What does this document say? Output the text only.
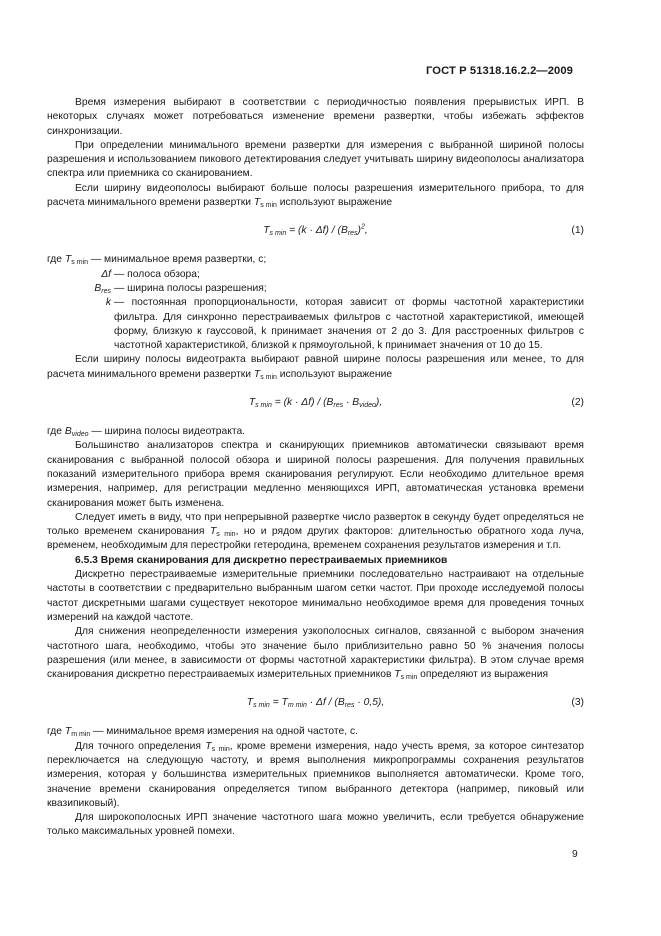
ГОСТ Р 51318.16.2.2—2009

Время измерения выбирают в соответствии с периодичностью появления прерывистых ИРП. В некоторых случаях может потребоваться изменение времени развертки, чтобы избежать эффектов синхронизации.

При определении минимального времени развертки для измерения с выбранной шириной полосы разрешения и использованием пикового детектирования следует учитывать ширину видеополосы анализатора спектра или приемника со сканированием.

Если ширину видеополосы выбирают больше полосы разрешения измерительного прибора, то для расчета минимального времени развертки $T_{s min}$ используют выражение

$T_{s min} = (k \cdot \Delta f) / (B_{res})^2$,	(1)
где $T_{s min}$ — минимальное время развертки, с;
Δf — полоса обзора;
$B_{res}$ — ширина полосы разрешения;
k — постоянная пропорциональности, которая зависит от формы частотной характеристики фильтра. Для синхронно перестраиваемых фильтров с частотной характеристикой, имеющей форму, близкую к гауссовой, k принимает значения от 2 до 3. Для расстроенных фильтров с частотной характеристикой, близкой к прямоугольной, k принимает значения от 10 до 15.

Если ширину полосы видеотракта выбирают равной ширине полосы разрешения или менее, то для расчета минимального времени развертки $T_{s min}$ используют выражение

$T_{s min} = (k \cdot \Delta f) / (B_{res} \cdot B_{video})$,	(2)

где $B_{video}$ — ширина полосы видеотракта.

Большинство анализаторов спектра и сканирующих приемников автоматически связывают время сканирования с выбранной полосой обзора и шириной полосы разрешения. Для получения правильных показаний измерительного прибора время сканирования регулируют. Если необходимо длительное время измерения, например, для регистрации медленно меняющихся ИРП, автоматическая установка времени сканирования может быть изменена.

Следует иметь в виду, что при непрерывной развертке число разверток в секунду будет определяться не только временем сканирования $T_{s min}$, но и рядом других факторов: длительностью обратного хода луча, временем, необходимым для перестройки гетеродина, временем сохранения результатов измерения и т.п.

6.5.3 Время сканирования для дискретно перестраиваемых приемников

Дискретно перестраиваемые измерительные приемники последовательно настраивают на отдельные частоты в соответствии с предварительно выбранным шагом сетки частот. При проходе исследуемой полосы частот дискретными шагами существует некоторое минимально необходимое время для проведения точных измерений на каждой частоте.

Для снижения неопределенности измерения узкополосных сигналов, связанной с выбором значения частотного шага, необходимо, чтобы это значение было приблизительно равно 50 % значения полосы разрешения (или менее, в зависимости от формы частотной характеристики фильтра). В этом случае время сканирования дискретно перестраиваемых измерительных приемников $T_{s min}$ определяют из выражения

$T_{s min} = T_{m min} \cdot \Delta f / (B_{res} \cdot 0,5)$,	(3)

где $T_{m min}$ — минимальное время измерения на одной частоте, с.

Для точного определения $T_{s min}$, кроме времени измерения, надо учесть время, за которое синтезатор переключается на следующую частоту, и время выполнения микропрограммы сохранения результатов измерения, которая у большинства измерительных приемников выполняется автоматически. Кроме того, значение времени сканирования определяется типом выбранного детектора (например, пиковый или квазипиковый).

Для широкополосных ИРП значение частотного шага можно увеличить, если требуется обнаружение только максимальных уровней помехи.

9
